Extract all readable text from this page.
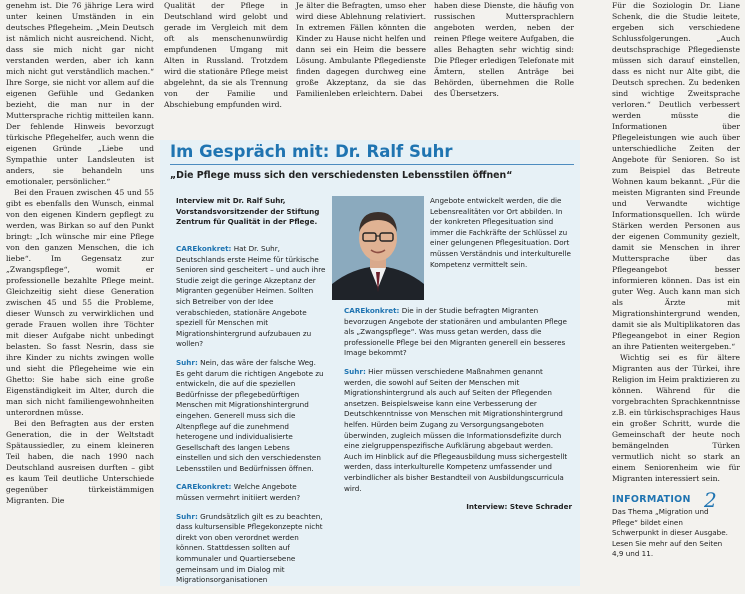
genehm ist. Die 76 jährige Lera wird unter keinen Umständen in ein deutsches Pflegeheim. „Mein Deutsch ist nämlich nicht ausreichend. Nicht, dass sie mich nicht gar nicht verstanden werden, aber ich kann mich nicht gut verständlich machen.“ Ihre Sorge, sie nicht vor allem auf die eigenen Gefühle und Gedanken bezieht, die man nur in der Muttersprache richtig mitteilen kann. Der fehlende Hinweis bevorzugt türkische Pflegehelfer, auch wenn die eigenen Gründe „Liebe und Sympathie unter Landsleuten ist anders, sie behandeln uns emotionaler, persönlicher.“

Bei den Frauen zwischen 45 und 55 gibt es ebenfalls den Wunsch, einmal von den eigenen Kindern gepflegt zu werden, was Birkan so auf den Punkt bringt: „Ich wünsche mir eine Pflege von den ganzen Menschen, die ich liebe“. Im Gegensatz zur „Zwangspflege“, womit er professionelle bezahlte Pflege meint. Gleichzeitig sieht diese Generation zwischen 45 und 55 die Probleme, dieser Wunsch zu verwirklichen und gerade Frauen wollen ihre Töchter mit dieser Aufgabe nicht unbedingt belasten. So fasst Nesrin, dass sie ihre Kinder zu nichts zwingen wolle und sieht die Pflegeheime wie ein Ghetto: Sie habe sich eine große Eigenständigkeit im Alter, durch die man sich nicht familiengewohnheiten unterordnen müsse.

Bei den Befragten aus der ersten Generation, die in der Weltstadt Spätaussiedler, zu einem kleineren Teil haben, die nach 1990 nach Deutschland ausreisen durften – gibt es kaum Teil deutliche Unterschiede gegenüber türkeistämmigen Migranten. Die

Qualität der Pflege in Deutschland wird gelobt und gerade im Vergleich mit dem oft als menschenunwürdig empfundenen Umgang mit Alten in Russland. Trotzdem wird die stationäre Pflege meist abgelehnt, da sie als Trennung von der Familie und Abschiebung empfunden wird.

Je älter die Befragten, umso eher wird diese Ablehnung relativiert. In extremen Fällen könnten die Kinder zu Hause nicht helfen und dann sei ein Heim die bessere Lösung. Ambulante Pflegedienste finden dagegen durchweg eine große Akzeptanz, da sie das Familienleben erleichtern. Dabei

haben diese Dienste, die häufig von russischen Muttersprachlern angeboten werden, neben der reinen Pflege weitere Aufgaben, die alles Behagten sehr wichtig sind: Die Pfleger erledigen Telefonate mit Ämtern, stellen Anträge bei Behörden, übernehmen die Rolle des Übersetzers.

Für die Soziologin Dr. Liane Schenk, die die Studie leitete, ergeben sich verschiedene Schlussfolgerungen. „Auch deutschsprachige Pflegedienste müssen sich darauf einstellen, dass es nicht nur Alte gibt, die Deutsch sprechen. Zu bedenken sind wichtige Zweitsprache verloren.“ Deutlich verbessert werden müsste die Informationen über Pflegeleistungen wie auch über unterschiedliche Zeiten der Angebote für Senioren. So ist zum Beispiel das Betreute Wohnen kaum bekannt. „Für die meisten Migranten sind Freunde und Verwandte wichtige Informationsquellen. Ich würde Stärken werden Personen aus der eigenen Community gezielt, damit sie Menschen in ihrer Muttersprache über das Pflegeangebot besser informieren können. Das ist ein guter Weg. Auch kann man sich als Ärzte mit Migrationshintergrund wenden, damit sie als Multiplikatoren das Pflegeangebot in einer Region an ihre Patienten weitergeben.“

Wichtig sei es für ältere Migranten aus der Türkei, ihre Religion im Heim praktizieren zu können. Während für die vorgebrachten Sprachkenntnisse z.B. ein türkischsprachiges Haus ein großer Schritt, wurde die Gemeinschaft der heute noch bemängelnden Türken vermutlich nicht so stark an einem Seniorenheim wie für Migranten interessiert sein.

Im Gespräch mit: Dr. Ralf Suhr
„Die Pflege muss sich den verschiedensten Lebensstilen öffnen“

Interview mit Dr. Ralf Suhr, Vorstandsvorsitzender der Stiftung Zentrum für Qualität in der Pflege.

CAREkonkret: Hat Dr. Suhr, Deutschlands erste Heime für türkische Senioren sind gescheitert – und auch ihre Studie zeigt die geringe Akzeptanz der Migranten gegenüber Heimen. Sollten sich Betreiber von der Idee verabschieden, stationäre Angebote speziell für Menschen mit Migrationshintergrund aufzubauen zu wollen?

Suhr: Nein, das wäre der falsche Weg. Es geht darum die richtigen Angebote zu entwickeln, die auf die speziellen Bedürfnisse der pflegebedürftigen Menschen mit Migrationshintergrund eingehen. Generell muss sich die Altenpflege auf die zunehmend heterogene und individualisierte Gesellschaft des langen Lebens einstellen und sich den verschiedensten Lebensstilen und Bedürfnissen öffnen.

CAREkonkret: Welche Angebote müssen vermehrt initiiert werden?

Suhr: Grundsätzlich gilt es zu beachten, dass kultursensible Pflegekonzepte nicht direkt von oben verordnet werden können. Stattdessen sollten auf kommunaler und Quartiersebene gemeinsam und im Dialog mit Migrationsorganisationen

Angebote entwickelt werden, die die Lebensrealitäten vor Ort abbilden. In der konkreten Pflegesituation sind immer die Fachkräfte der Schlüssel zu einer gelungenen Pflegesituation. Dort müssen Verständnis und interkulturelle Kompetenz vermittelt sein.

CAREkonkret: Die in der Studie befragten Migranten bevorzugen Angebote der stationären und ambulanten Pflege als „Zwangspflege“. Was muss getan werden, dass die professionelle Pflege bei den Migranten generell ein besseres Image bekommt?

Suhr: Hier müssen verschiedene Maßnahmen genannt werden, die sowohl auf Seiten der Menschen mit Migrationshintergrund als auch auf Seiten der Pflegenden ansetzen. Beispielsweise kann eine Verbesserung der Deutschkenntnisse von Menschen mit Migrationshintergrund helfen. Hürden beim Zugang zu Versorgungsangeboten überwinden, zugleich müssen die Informationsdefizite durch eine zielgruppenspezifische Aufklärung abgebaut werden. Auch im Hinblick auf die Pflegeausbildung muss sichergestellt werden, dass interkulturelle Kompetenz umfassender und verbindlicher als bisher Bestandteil von Ausbildungscurricula wird.

Interview: Steve Schrader

INFORMATION 2
Das Thema „Migration und Pflege“ bildet einen Schwerpunkt in dieser Ausgabe. Lesen Sie mehr auf den Seiten 4,9 und 11.
